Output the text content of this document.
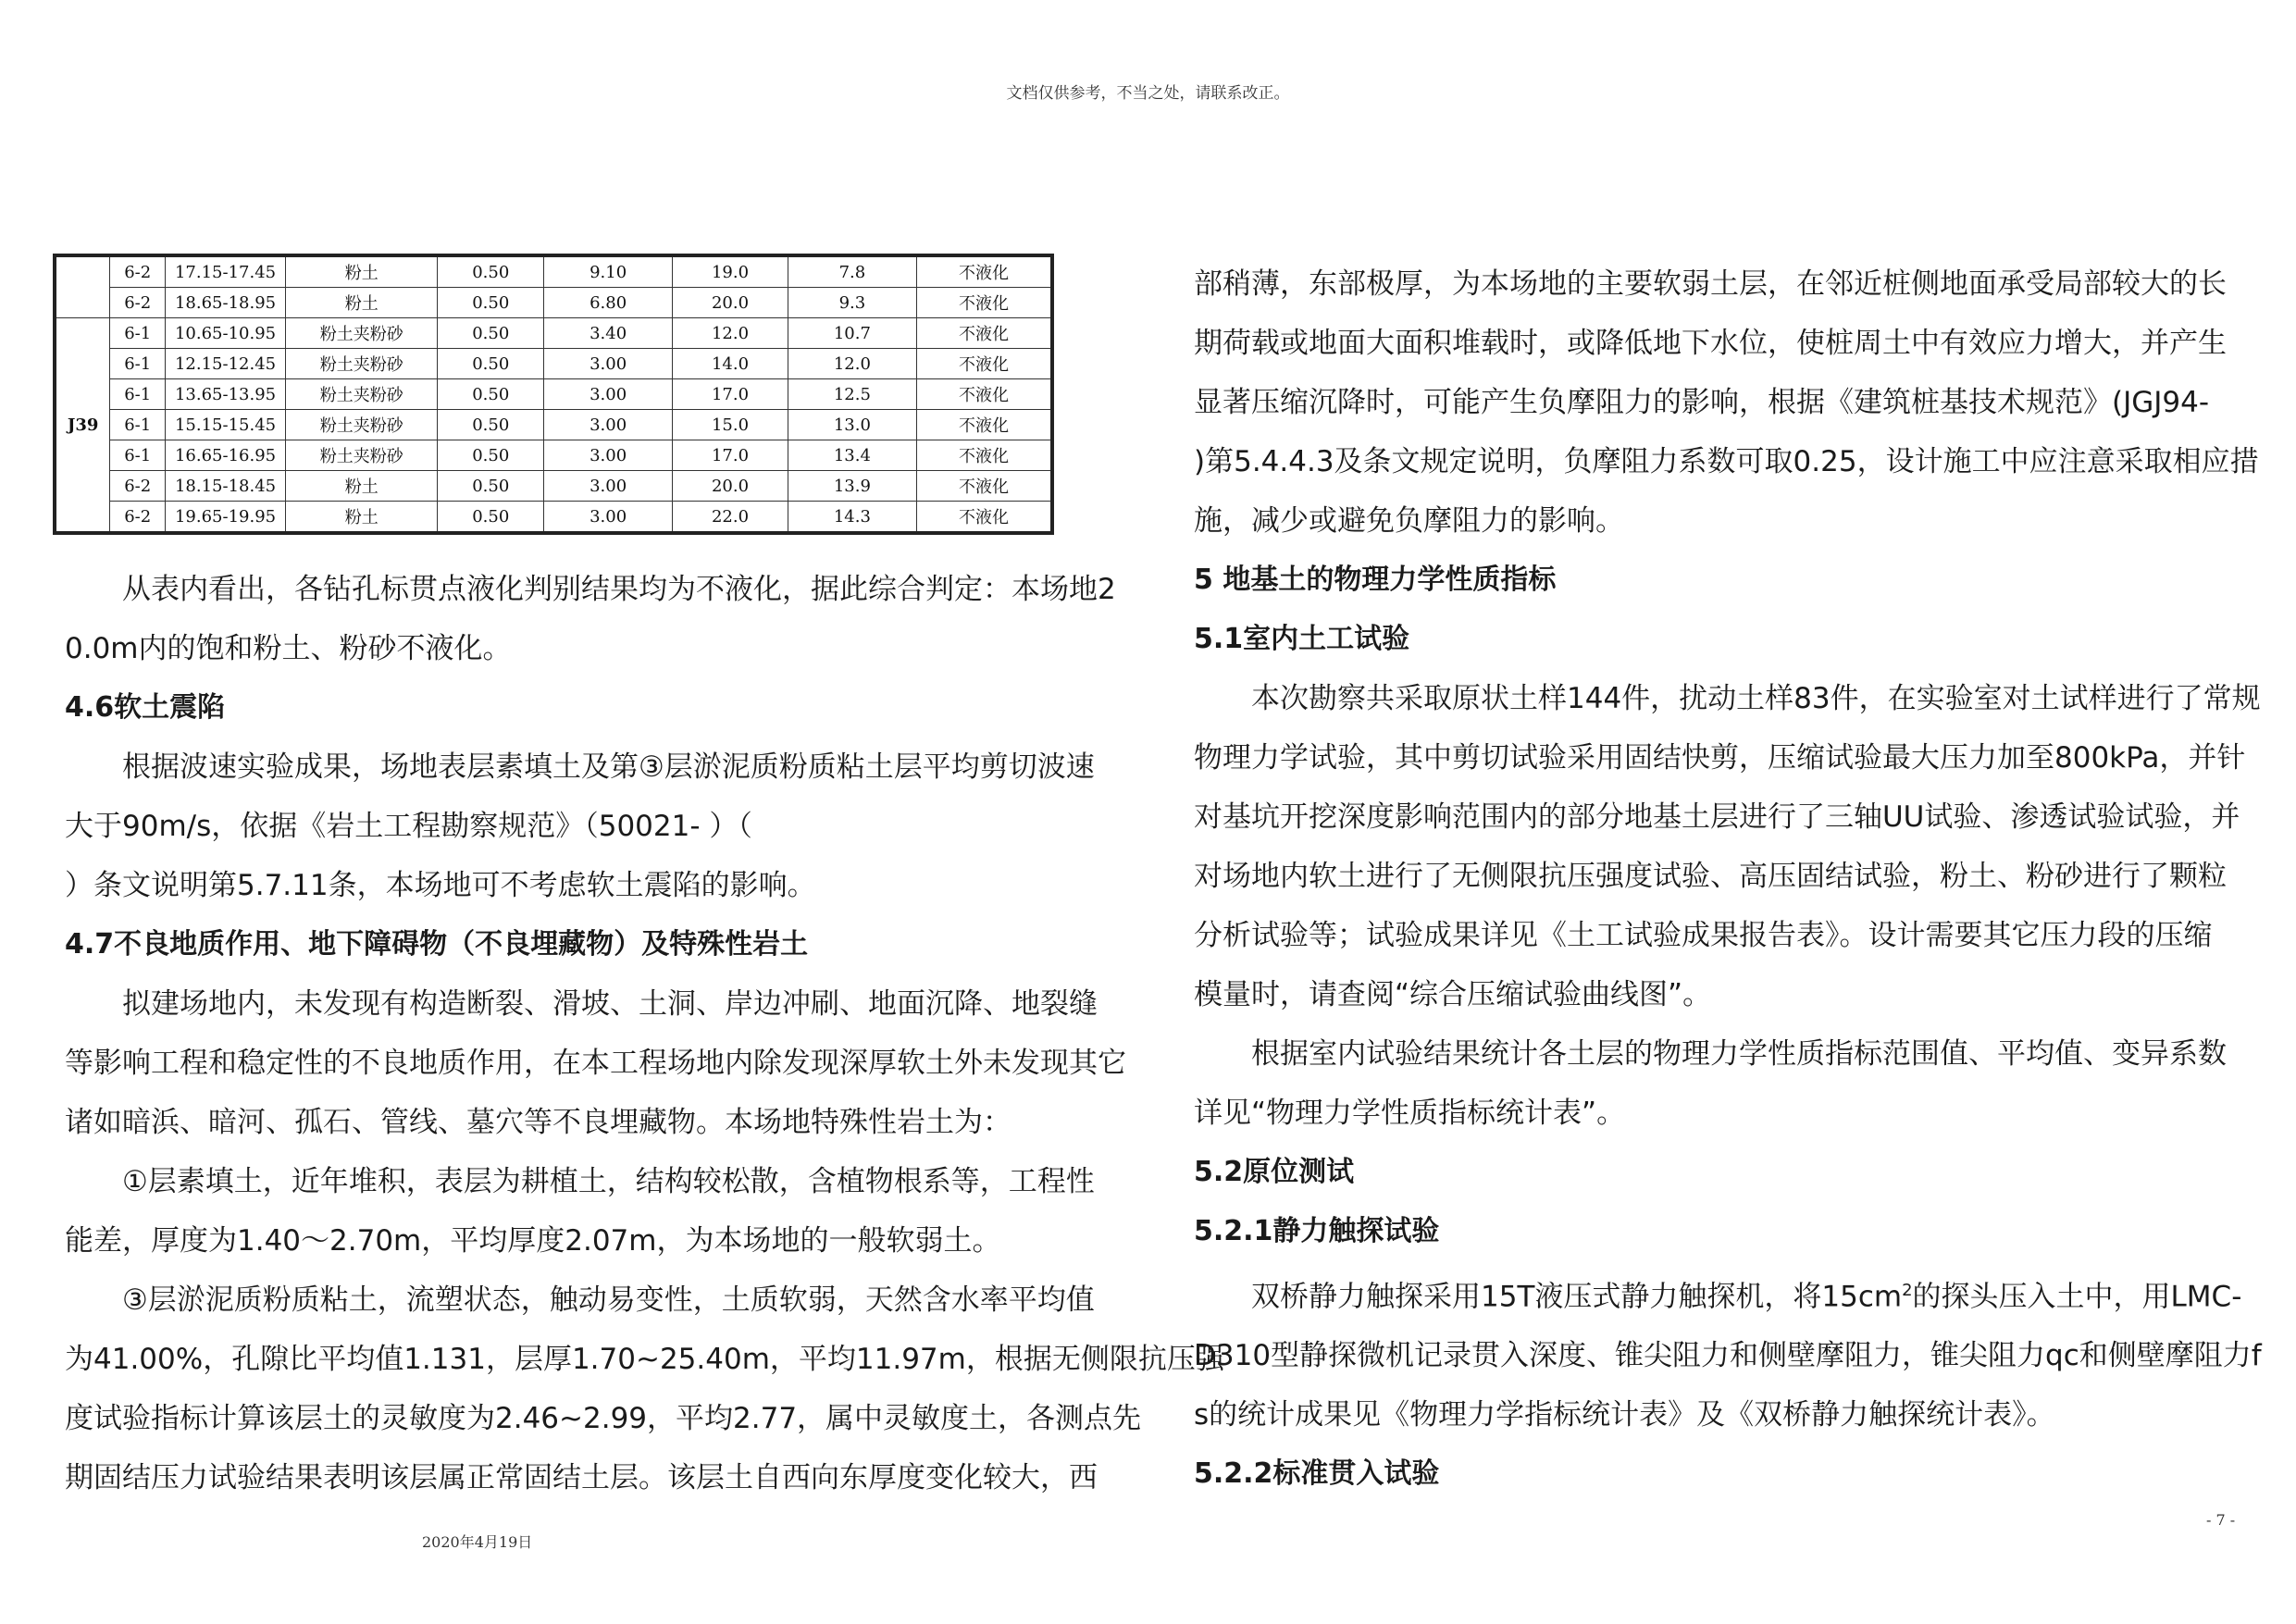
文档仅供参考，不当之处，请联系改正。
	6-2	17.15-17.45	粉土	0.50	9.10	19.0	7.8	不液化
	6-2	18.65-18.95	粉土	0.50	6.80	20.0	9.3	不液化
J39	6-1	10.65-10.95	粉土夹粉砂	0.50	3.40	12.0	10.7	不液化
	6-1	12.15-12.45	粉土夹粉砂	0.50	3.00	14.0	12.0	不液化
	6-1	13.65-13.95	粉土夹粉砂	0.50	3.00	17.0	12.5	不液化
	6-1	15.15-15.45	粉土夹粉砂	0.50	3.00	15.0	13.0	不液化
	6-1	16.65-16.95	粉土夹粉砂	0.50	3.00	17.0	13.4	不液化
	6-2	18.15-18.45	粉土	0.50	3.00	20.0	13.9	不液化
	6-2	19.65-19.95	粉土	0.50	3.00	22.0	14.3	不液化

从表内看出，各钻孔标贯点液化判别结果均为不液化，据此综合判定：本场地2

0.0m内的饱和粉土、粉砂不液化。

4.6软土震陷

根据波速实验成果，场地表层素填土及第③层淤泥质粉质粘土层平均剪切波速

大于90m/s，依据《岩土工程勘察规范》（50021- ）（

）条文说明第5.7.11条，本场地可不考虑软土震陷的影响。

4.7不良地质作用、地下障碍物（不良埋藏物）及特殊性岩土

拟建场地内，未发现有构造断裂、滑坡、土洞、岸边冲刷、地面沉降、地裂缝

等影响工程和稳定性的不良地质作用，在本工程场地内除发现深厚软土外未发现其它

诸如暗浜、暗河、孤石、管线、墓穴等不良埋藏物。本场地特殊性岩土为：

①层素填土，近年堆积，表层为耕植土，结构较松散，含植物根系等，工程性

能差，厚度为1.40～2.70m，平均厚度2.07m，为本场地的一般软弱土。

③层淤泥质粉质粘土，流塑状态，触动易变性，土质软弱，天然含水率平均值

为41.00%，孔隙比平均值1.131，层厚1.70~25.40m，平均11.97m，根据无侧限抗压强

度试验指标计算该层土的灵敏度为2.46~2.99，平均2.77，属中灵敏度土，各测点先

期固结压力试验结果表明该层属正常固结土层。该层土自西向东厚度变化较大，西

部稍薄，东部极厚，为本场地的主要软弱土层，在邻近桩侧地面承受局部较大的长

期荷载或地面大面积堆载时，或降低地下水位，使桩周土中有效应力增大，并产生

显著压缩沉降时，可能产生负摩阻力的影响，根据《建筑桩基技术规范》(JGJ94-

)第5.4.4.3及条文规定说明，负摩阻力系数可取0.25，设计施工中应注意采取相应措

施，减少或避免负摩阻力的影响。

5 地基土的物理力学性质指标

5.1室内土工试验

本次勘察共采取原状土样144件，扰动土样83件，在实验室对土试样进行了常规

物理力学试验，其中剪切试验采用固结快剪，压缩试验最大压力加至800kPa，并针

对基坑开挖深度影响范围内的部分地基土层进行了三轴UU试验、渗透试验试验，并

对场地内软土进行了无侧限抗压强度试验、高压固结试验，粉土、粉砂进行了颗粒

分析试验等；试验成果详见《土工试验成果报告表》。设计需要其它压力段的压缩

模量时，请查阅“综合压缩试验曲线图”。

根据室内试验结果统计各土层的物理力学性质指标范围值、平均值、变异系数

详见“物理力学性质指标统计表”。

5.2原位测试

5.2.1静力触探试验

双桥静力触探采用15T液压式静力触探机，将$15cm^2$的探头压入土中，用LMC-

D310型静探微机记录贯入深度、锥尖阻力和侧壁摩阻力，锥尖阻力qc和侧壁摩阻力f

s的统计成果见《物理力学指标统计表》及《双桥静力触探统计表》。

5.2.2标准贯入试验

2020年4月19日
- 7 -
